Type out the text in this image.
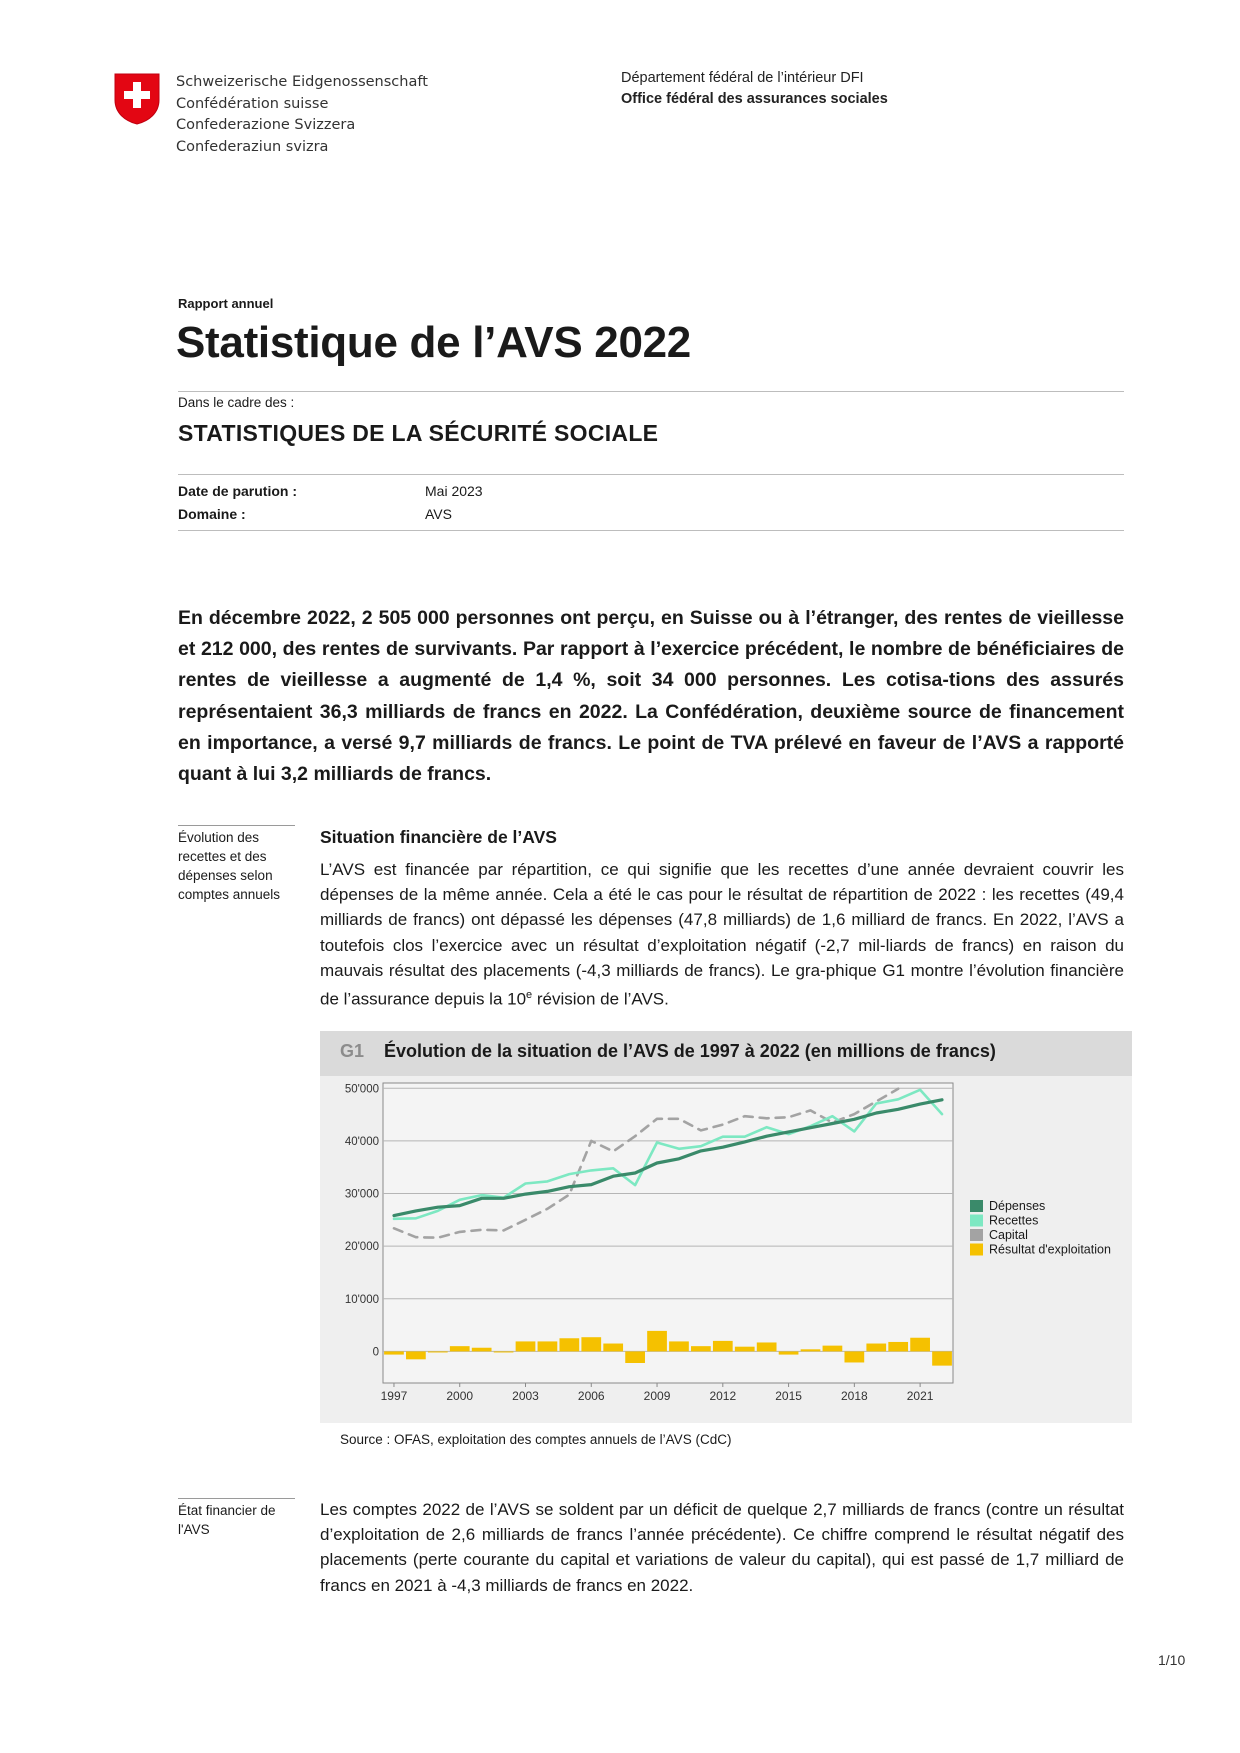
Schweizerische Eidgenossenschaft
Confédération suisse
Confederazione Svizzera
Confederaziun svizra
Département fédéral de l’intérieur DFI
Office fédéral des assurances sociales
Rapport annuel
Statistique de l’AVS 2022
Dans le cadre des :
STATISTIQUES DE LA SÉCURITÉ SOCIALE
Date de parution :	Mai 2023
Domaine :	AVS
En décembre 2022, 2 505 000 personnes ont perçu, en Suisse ou à l’étranger, des rentes de vieillesse et 212 000, des rentes de survivants. Par rapport à l’exercice précédent, le nombre de bénéficiaires de rentes de vieillesse a augmenté de 1,4 %, soit 34 000 personnes. Les cotisa-tions des assurés représentaient 36,3 milliards de francs en 2022. La Confédération, deuxième source de financement en importance, a versé 9,7 milliards de francs. Le point de TVA prélevé en faveur de l’AVS a rapporté quant à lui 3,2 milliards de francs.
Évolution des recettes et des dépenses selon comptes annuels
Situation financière de l’AVS
L’AVS est financée par répartition, ce qui signifie que les recettes d’une année devraient couvrir les dépenses de la même année. Cela a été le cas pour le résultat de répartition de 2022 : les recettes (49,4 milliards de francs) ont dépassé les dépenses (47,8 milliards) de 1,6 milliard de francs. En 2022, l’AVS a toutefois clos l’exercice avec un résultat d’exploitation négatif (-2,7 mil-liards de francs) en raison du mauvais résultat des placements (-4,3 milliards de francs). Le gra-phique G1 montre l’évolution financière de l’assurance depuis la 10e révision de l’AVS.
G1 Évolution de la situation de l’AVS de 1997 à 2022 (en millions de francs)
0
10'000
20'000
30'000
40'000
50'000
1997	2000	2003	2006	2009	2012	2015	2018	2021
Dépenses
Recettes
Capital
Résultat d'exploitation
Source : OFAS, exploitation des comptes annuels de l’AVS (CdC)
État financier de l'AVS
Les comptes 2022 de l’AVS se soldent par un déficit de quelque 2,7 milliards de francs (contre un résultat d’exploitation de 2,6 milliards de francs l’année précédente). Ce chiffre comprend le résultat négatif des placements (perte courante du capital et variations de valeur du capital), qui est passé de 1,7 milliard de francs en 2021 à -4,3 milliards de francs en 2022.
1/10
